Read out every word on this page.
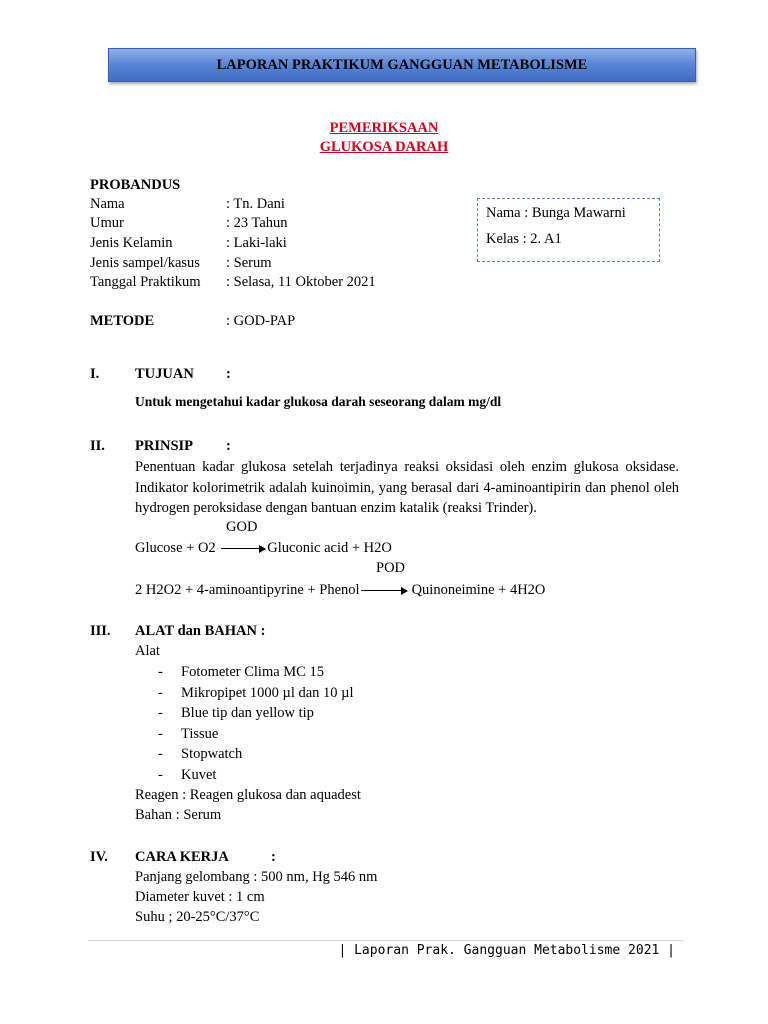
LAPORAN PRAKTIKUM GANGGUAN METABOLISME
PEMERIKSAAN
GLUKOSA DARAH
PROBANDUS
Nama	: Tn. Dani
Umur	: 23 Tahun
Jenis Kelamin	: Laki-laki
Jenis sampel/kasus : Serum
Tanggal Praktikum : Selasa, 11 Oktober 2021
Nama : Bunga Mawarni
Kelas : 2. A1
METODE	: GOD-PAP
I. TUJUAN :
Untuk mengetahui kadar glukosa darah seseorang dalam mg/dl
II. PRINSIP :
Penentuan kadar glukosa setelah terjadinya reaksi oksidasi oleh enzim glukosa oksidase. Indikator kolorimetrik adalah kuinoimin, yang berasal dari 4-aminoantipirin dan phenol oleh hydrogen peroksidase dengan bantuan enzim katalik (reaksi Trinder).
GOD
Glucose + O2 → Gluconic acid + H2O
POD
2 H2O2 + 4-aminoantipyrine + Phenol→ Quinoneimine + 4H2O
III. ALAT dan BAHAN :
Alat
- Fotometer Clima MC 15
- Mikropipet 1000 µl dan 10 µl
- Blue tip dan yellow tip
- Tissue
- Stopwatch
- Kuvet
Reagen : Reagen glukosa dan aquadest
Bahan : Serum
IV. CARA KERJA	:
Panjang gelombang : 500 nm, Hg 546 nm
Diameter kuvet : 1 cm
Suhu ; 20-25°C/37°C
| Laporan Prak. Gangguan Metabolisme 2021 |
